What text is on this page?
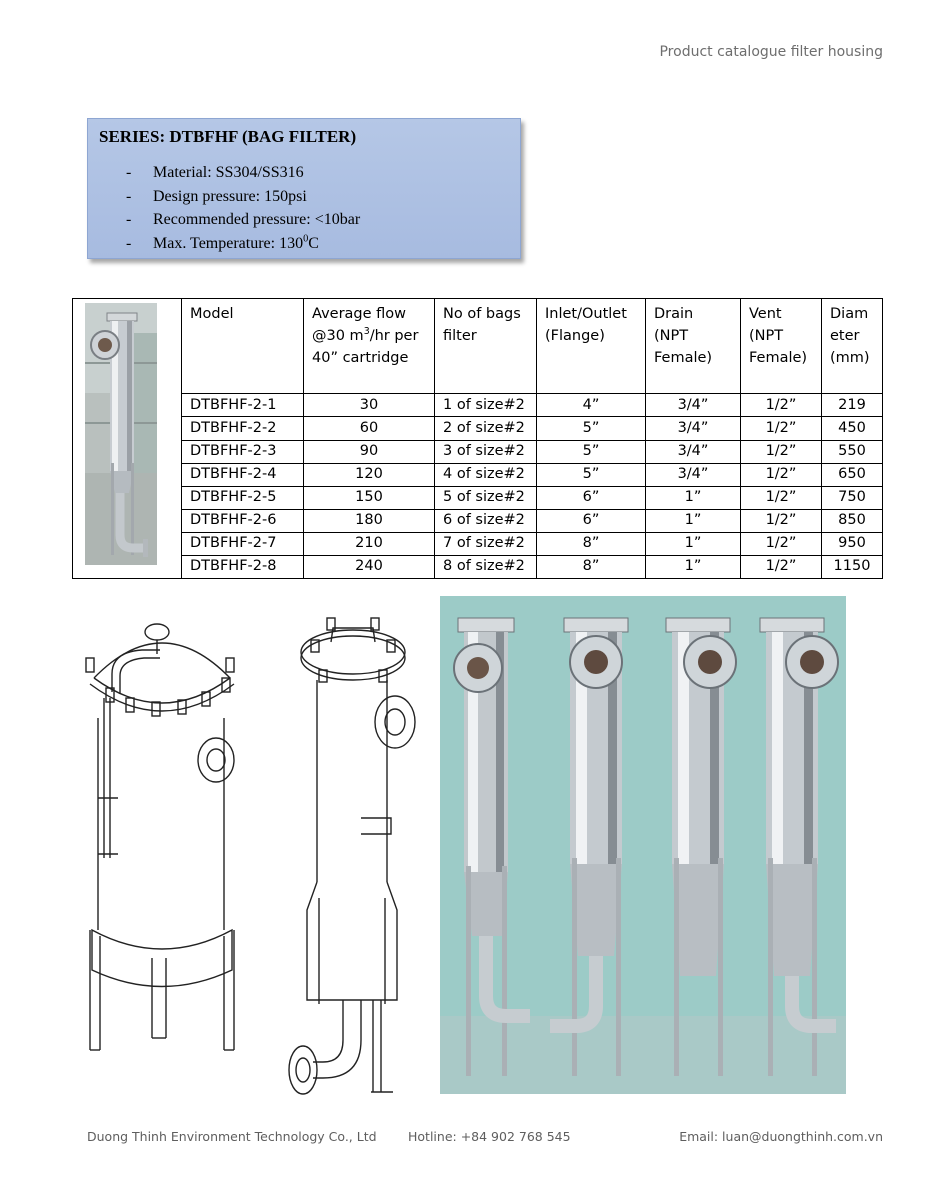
Product catalogue filter housing
SERIES: DTBFHF (BAG FILTER)
- Material: SS304/SS316
- Design pressure: 150psi
- Recommended pressure: <10bar
- Max. Temperature: $130^0C$
	Model	Average flow
@30 $m^3/hr$ per
40” cartridge	No of bags
filter	Inlet/Outlet
(Flange)	Drain
(NPT
Female)	Vent
(NPT
Female)	Diam
eter
(mm)
	DTBFHF-2-1	30	1 of size#2	4”	3/4”	1/2”	219
	DTBFHF-2-2	60	2 of size#2	5”	3/4”	1/2”	450
	DTBFHF-2-3	90	3 of size#2	5”	3/4”	1/2”	550
	DTBFHF-2-4	120	4 of size#2	5”	3/4”	1/2”	650
	DTBFHF-2-5	150	5 of size#2	6”	1”	1/2”	750
	DTBFHF-2-6	180	6 of size#2	6”	1”	1/2”	850
	DTBFHF-2-7	210	7 of size#2	8”	1”	1/2”	950
	DTBFHF-2-8	240	8 of size#2	8”	1”	1/2”	1150
Duong Thinh Environment Technology Co., Ltd	Hotline: +84 902 768 545	Email: luan@duongthinh.com.vn
